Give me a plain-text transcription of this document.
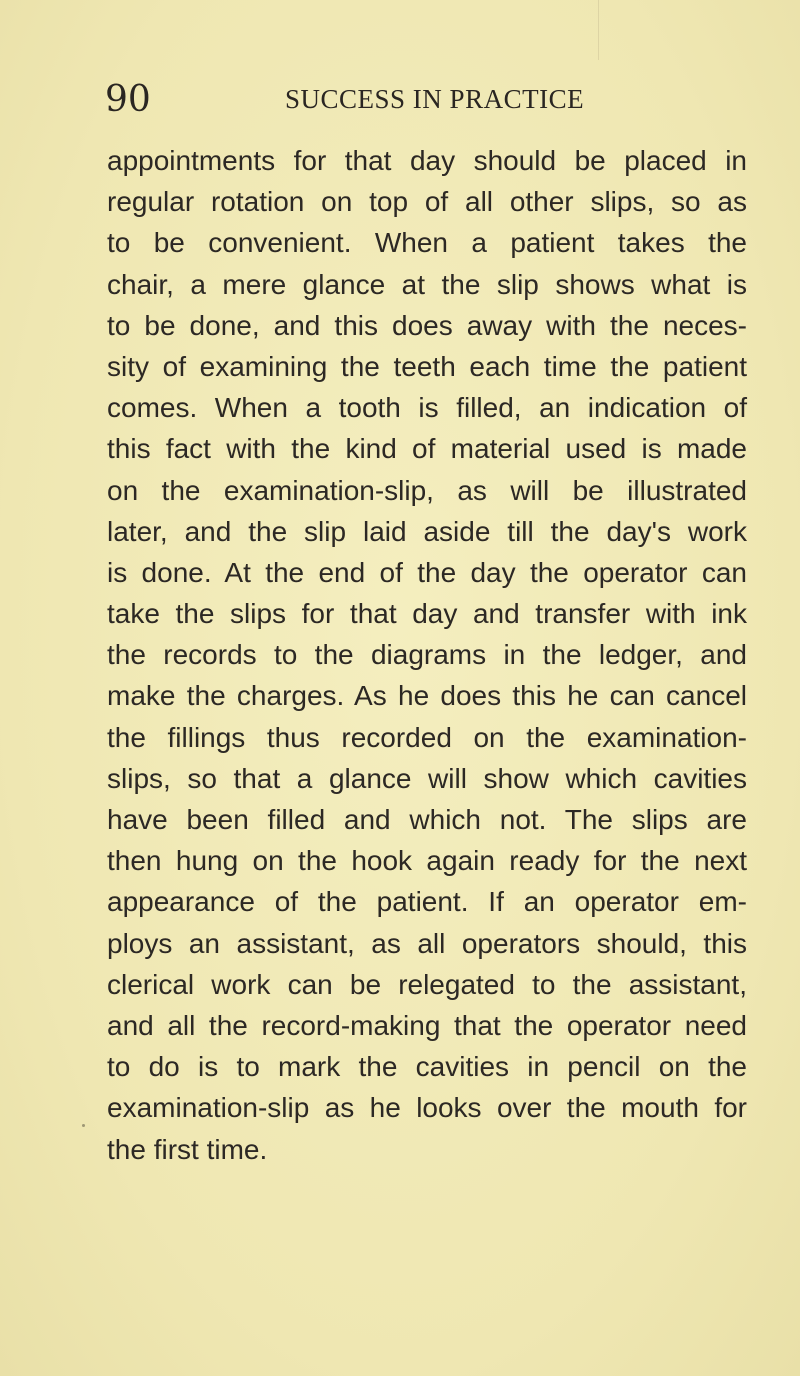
90	SUCCESS IN PRACTICE
appointments for that day should be placed in
regular rotation on top of all other slips, so as
to be convenient. When a patient takes the
chair, a mere glance at the slip shows what is
to be done, and this does away with the neces-
sity of examining the teeth each time the patient
comes. When a tooth is filled, an indication of
this fact with the kind of material used is made
on the examination-slip, as will be illustrated
later, and the slip laid aside till the day's work
is done. At the end of the day the operator can
take the slips for that day and transfer with ink
the records to the diagrams in the ledger, and
make the charges. As he does this he can cancel
the fillings thus recorded on the examination-
slips, so that a glance will show which cavities
have been filled and which not. The slips are
then hung on the hook again ready for the next
appearance of the patient. If an operator em-
ploys an assistant, as all operators should, this
clerical work can be relegated to the assistant,
and all the record-making that the operator need
to do is to mark the cavities in pencil on the
examination-slip as he looks over the mouth for
the first time.
